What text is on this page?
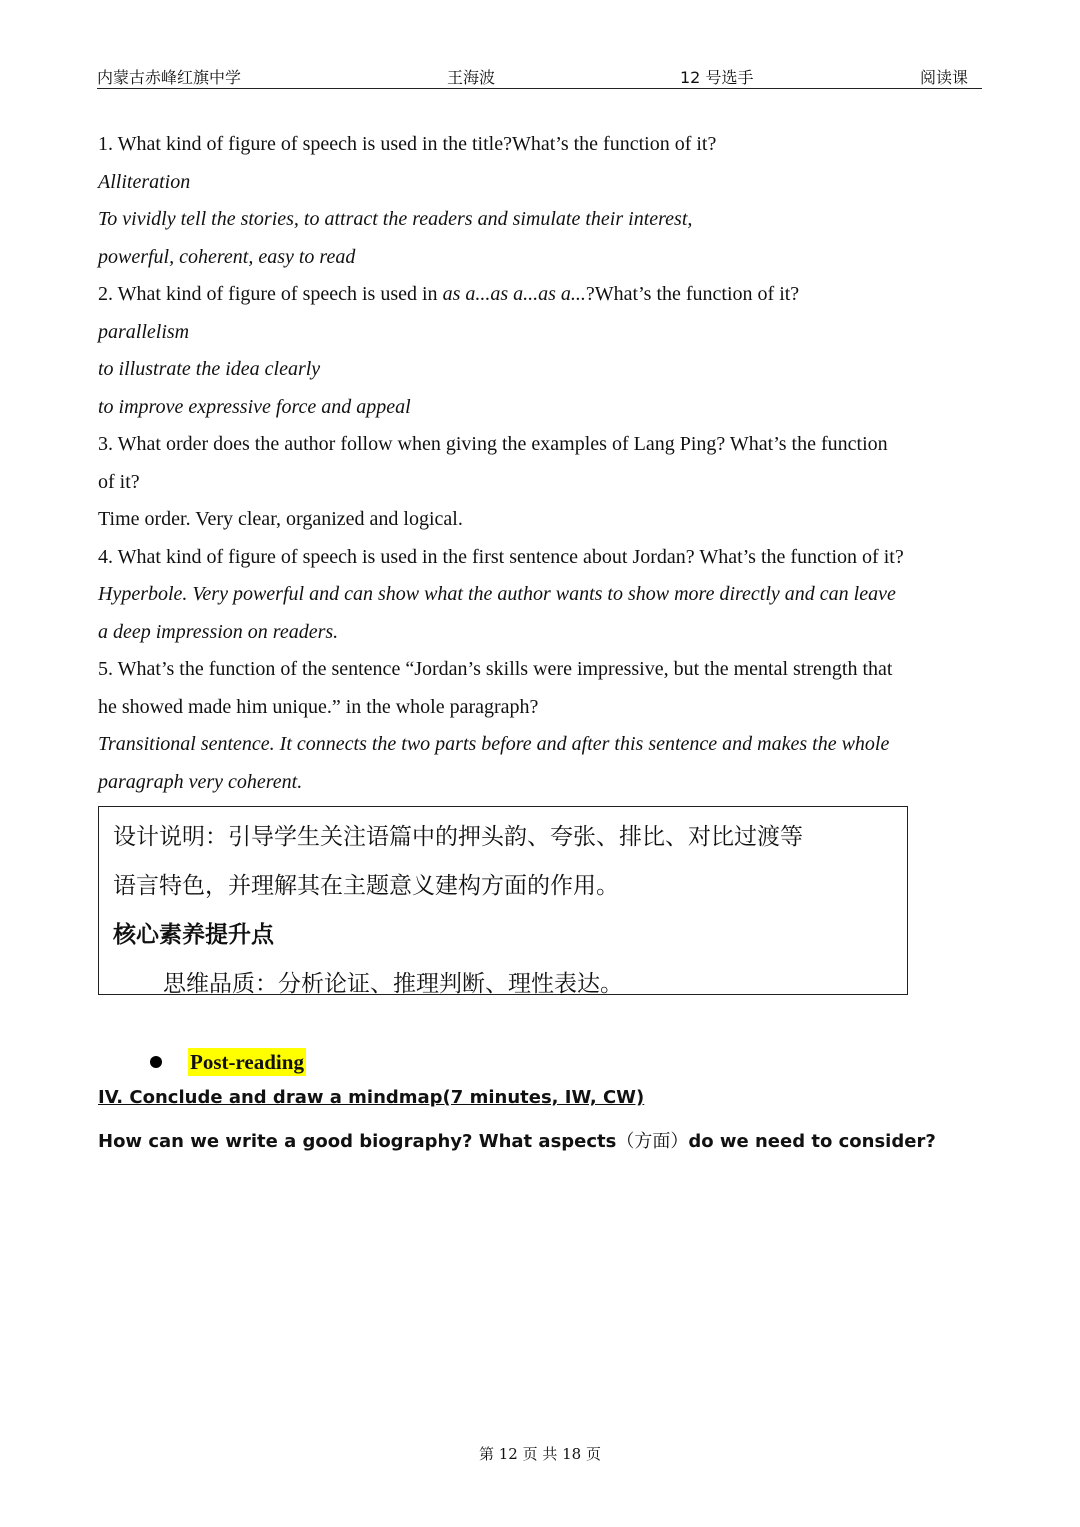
内蒙古赤峰红旗中学	王海波	12 号选手	阅读课
1. What kind of figure of speech is used in the title?What’s the function of it?
Alliteration
To vividly tell the stories, to attract the readers and simulate their interest,
powerful, coherent, easy to read
2. What kind of figure of speech is used in as a...as a...as a...?What’s the function of it?
parallelism
to illustrate the idea clearly
to improve expressive force and appeal
3. What order does the author follow when giving the examples of Lang Ping? What’s the function
of it?
Time order. Very clear, organized and logical.
4. What kind of figure of speech is used in the first sentence about Jordan? What’s the function of it?
Hyperbole. Very powerful and can show what the author wants to show more directly and can leave
a deep impression on readers.
5. What’s the function of the sentence “Jordan’s skills were impressive, but the mental strength that
he showed made him unique.” in the whole paragraph?
Transitional sentence. It connects the two parts before and after this sentence and makes the whole
paragraph very coherent.
设计说明：引导学生关注语篇中的押头韵、夸张、排比、对比过渡等
语言特色，并理解其在主题意义建构方面的作用。
核心素养提升点
思维品质：分析论证、推理判断、理性表达。
Post-reading
IV. Conclude and draw a mindmap(7 minutes, IW, CW)
How can we write a good biography? What aspects（方面）do we need to consider?
第 12 页 共 18 页
